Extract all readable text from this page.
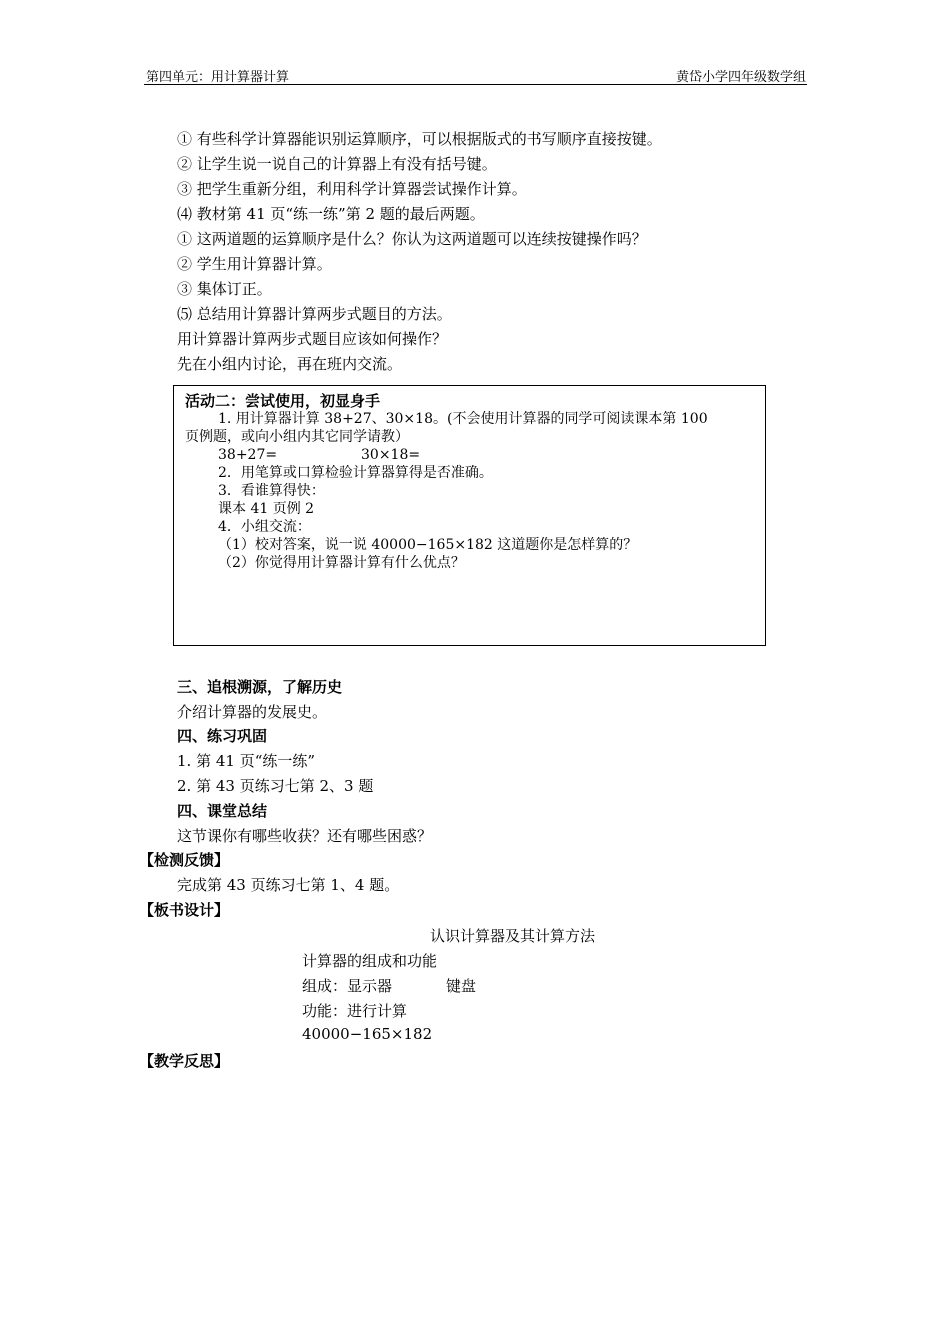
第四单元：用计算器计算	黄岱小学四年级数学组
① 有些科学计算器能识别运算顺序，可以根据版式的书写顺序直接按键。
② 让学生说一说自己的计算器上有没有括号键。
③ 把学生重新分组，利用科学计算器尝试操作计算。
⑷ 教材第 41 页“练一练”第 2 题的最后两题。
① 这两道题的运算顺序是什么？你认为这两道题可以连续按键操作吗？
② 学生用计算器计算。
③ 集体订正。
⑸ 总结用计算器计算两步式题目的方法。
用计算器计算两步式题目应该如何操作？
先在小组内讨论，再在班内交流。
活动二：尝试使用，初显身手
1. 用计算器计算 38+27、30×18。(不会使用计算器的同学可阅读课本第 100
页例题，或向小组内其它同学请教）
38+27=	30×18=
2．用笔算或口算检验计算器算得是否准确。
3．看谁算得快：
课本 41 页例 2
4．小组交流：
（1）校对答案，说一说 40000−165×182 这道题你是怎样算的？
（2）你觉得用计算器计算有什么优点？
三、追根溯源，了解历史
介绍计算器的发展史。
四、练习巩固
1. 第 41 页“练一练”
2. 第 43 页练习七第 2、3 题
四、课堂总结
这节课你有哪些收获？还有哪些困惑？
【检测反馈】
完成第 43 页练习七第 1、4 题。
【板书设计】
认识计算器及其计算方法
计算器的组成和功能
组成：显示器	键盘
功能：进行计算
40000−165×182
【教学反思】
